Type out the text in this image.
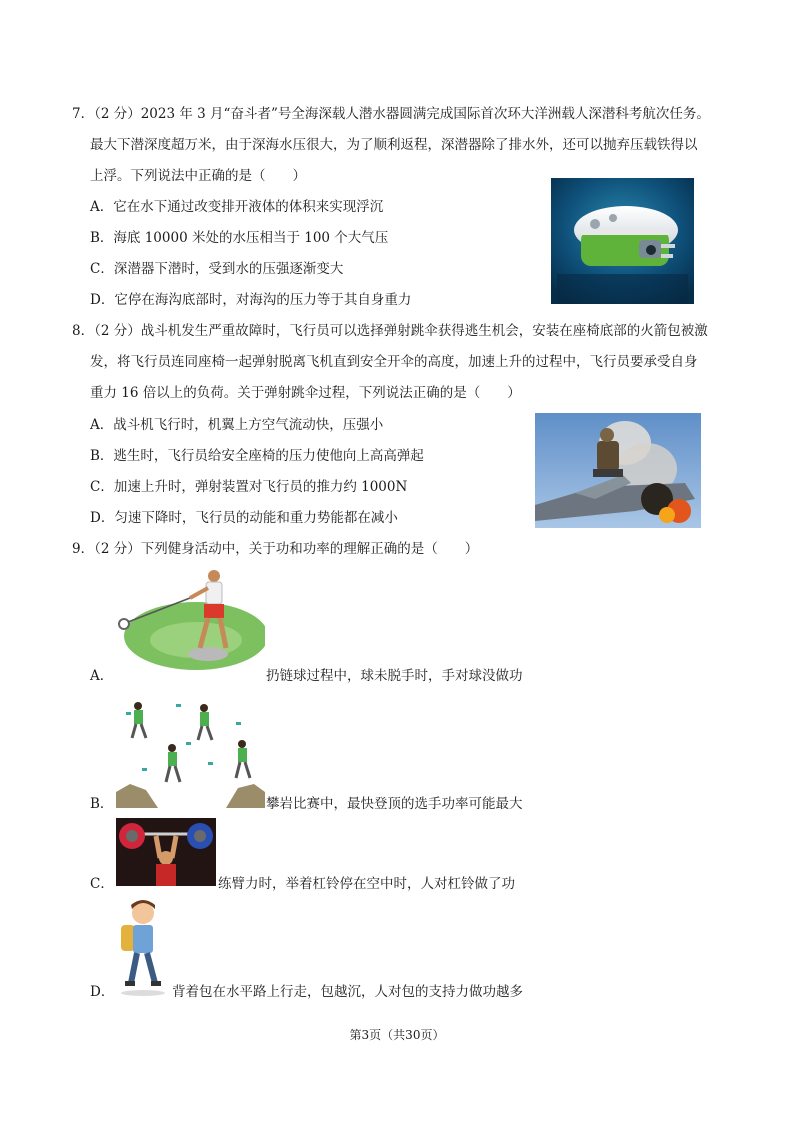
7．（2 分）2023 年 3 月“奋斗者”号全海深载人潜水器圆满完成国际首次环大洋洲载人深潜科考航次任务。
最大下潜深度超万米，由于深海水压很大，为了顺利返程，深潜器除了排水外，还可以抛弃压载铁得以
上浮。下列说法中正确的是（　　）
A．它在水下通过改变排开液体的体积来实现浮沉
B．海底 10000 米处的水压相当于 100 个大气压
C．深潜器下潜时，受到水的压强逐渐变大
D．它停在海沟底部时，对海沟的压力等于其自身重力
8．（2 分）战斗机发生严重故障时，飞行员可以选择弹射跳伞获得逃生机会，安装在座椅底部的火箭包被激
发，将飞行员连同座椅一起弹射脱离飞机直到安全开伞的高度，加速上升的过程中，飞行员要承受自身
重力 16 倍以上的负荷。关于弹射跳伞过程，下列说法正确的是（　　）
A．战斗机飞行时，机翼上方空气流动快，压强小
B．逃生时，飞行员给安全座椅的压力使他向上高高弹起
C．加速上升时，弹射装置对飞行员的推力约 1000N
D．匀速下降时，飞行员的动能和重力势能都在减小
9．（2 分）下列健身活动中，关于功和功率的理解正确的是（　　）
A．	扔链球过程中，球未脱手时，手对球没做功
B．	攀岩比赛中，最快登顶的选手功率可能最大
C．	练臂力时，举着杠铃停在空中时，人对杠铃做了功
D．	背着包在水平路上行走，包越沉，人对包的支持力做功越多
第3页（共30页）
